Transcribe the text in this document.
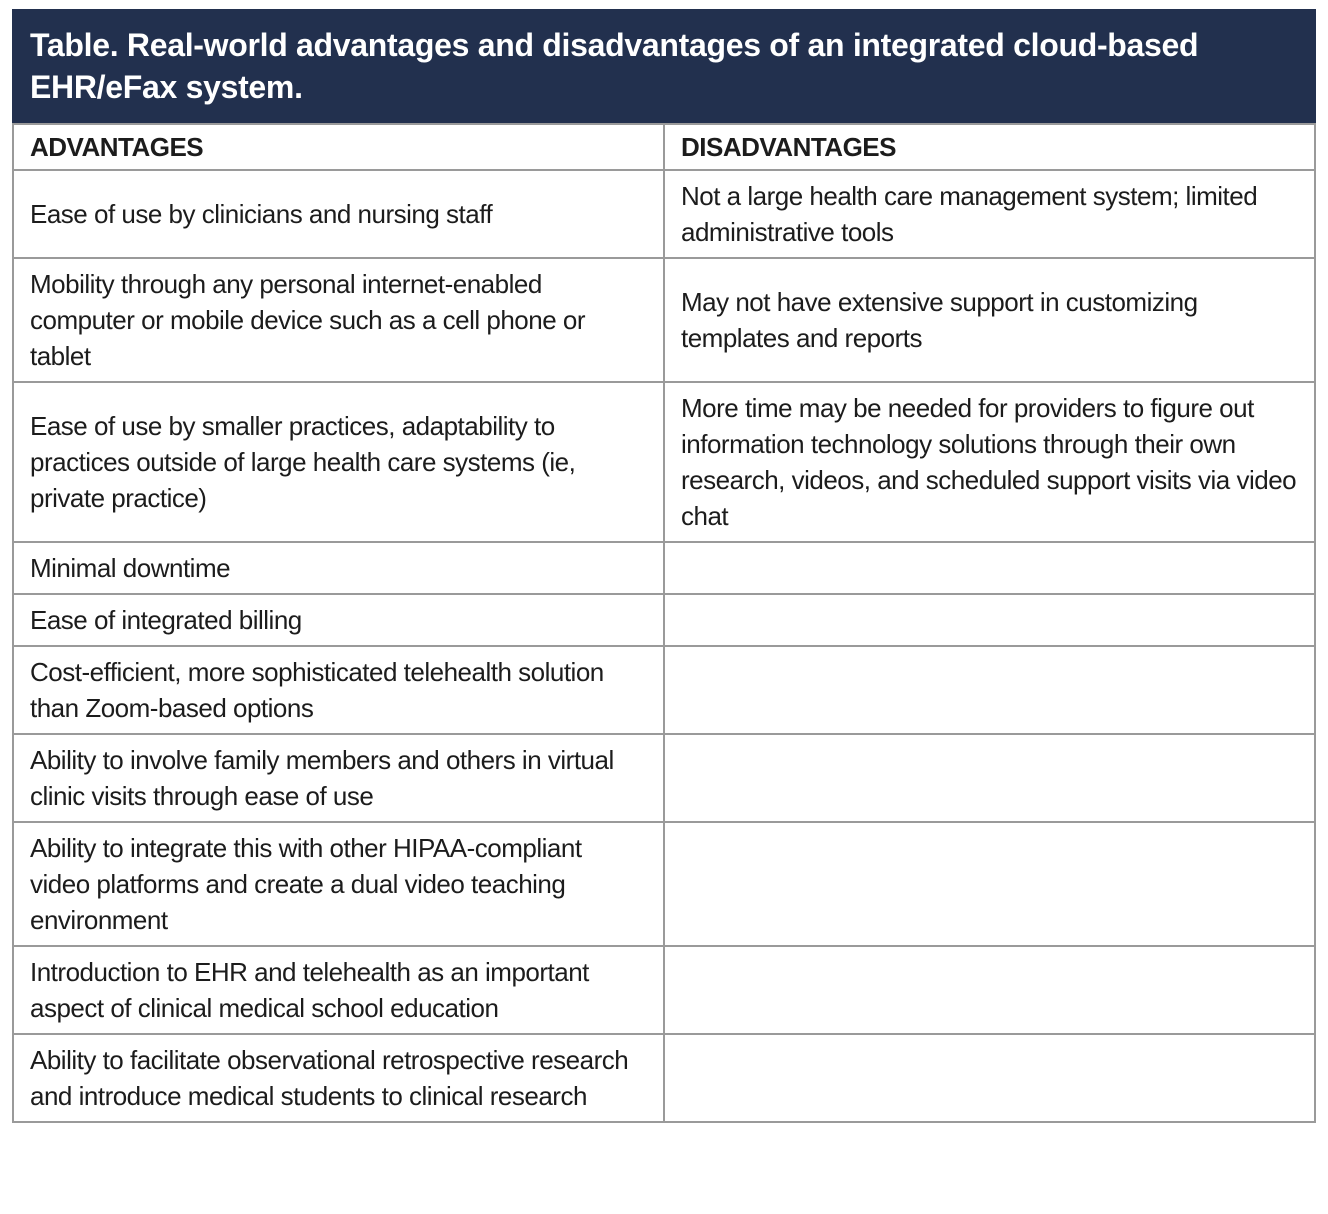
Table. Real-world advantages and disadvantages of an integrated cloud-based EHR/eFax system.
ADVANTAGES	DISADVANTAGES
Ease of use by clinicians and nursing staff	Not a large health care management system; limited administrative tools
Mobility through any personal internet-enabled computer or mobile device such as a cell phone or tablet	May not have extensive support in customizing templates and reports
Ease of use by smaller practices, adaptability to practices outside of large health care systems (ie, private practice)	More time may be needed for providers to figure out information technology solutions through their own research, videos, and scheduled support visits via video chat
Minimal downtime	
Ease of integrated billing	
Cost-efficient, more sophisticated telehealth solution than Zoom-based options	
Ability to involve family members and others in virtual clinic visits through ease of use	
Ability to integrate this with other HIPAA-compliant video platforms and create a dual video teaching environment	
Introduction to EHR and telehealth as an important aspect of clinical medical school education	
Ability to facilitate observational retrospective research and introduce medical students to clinical research	
